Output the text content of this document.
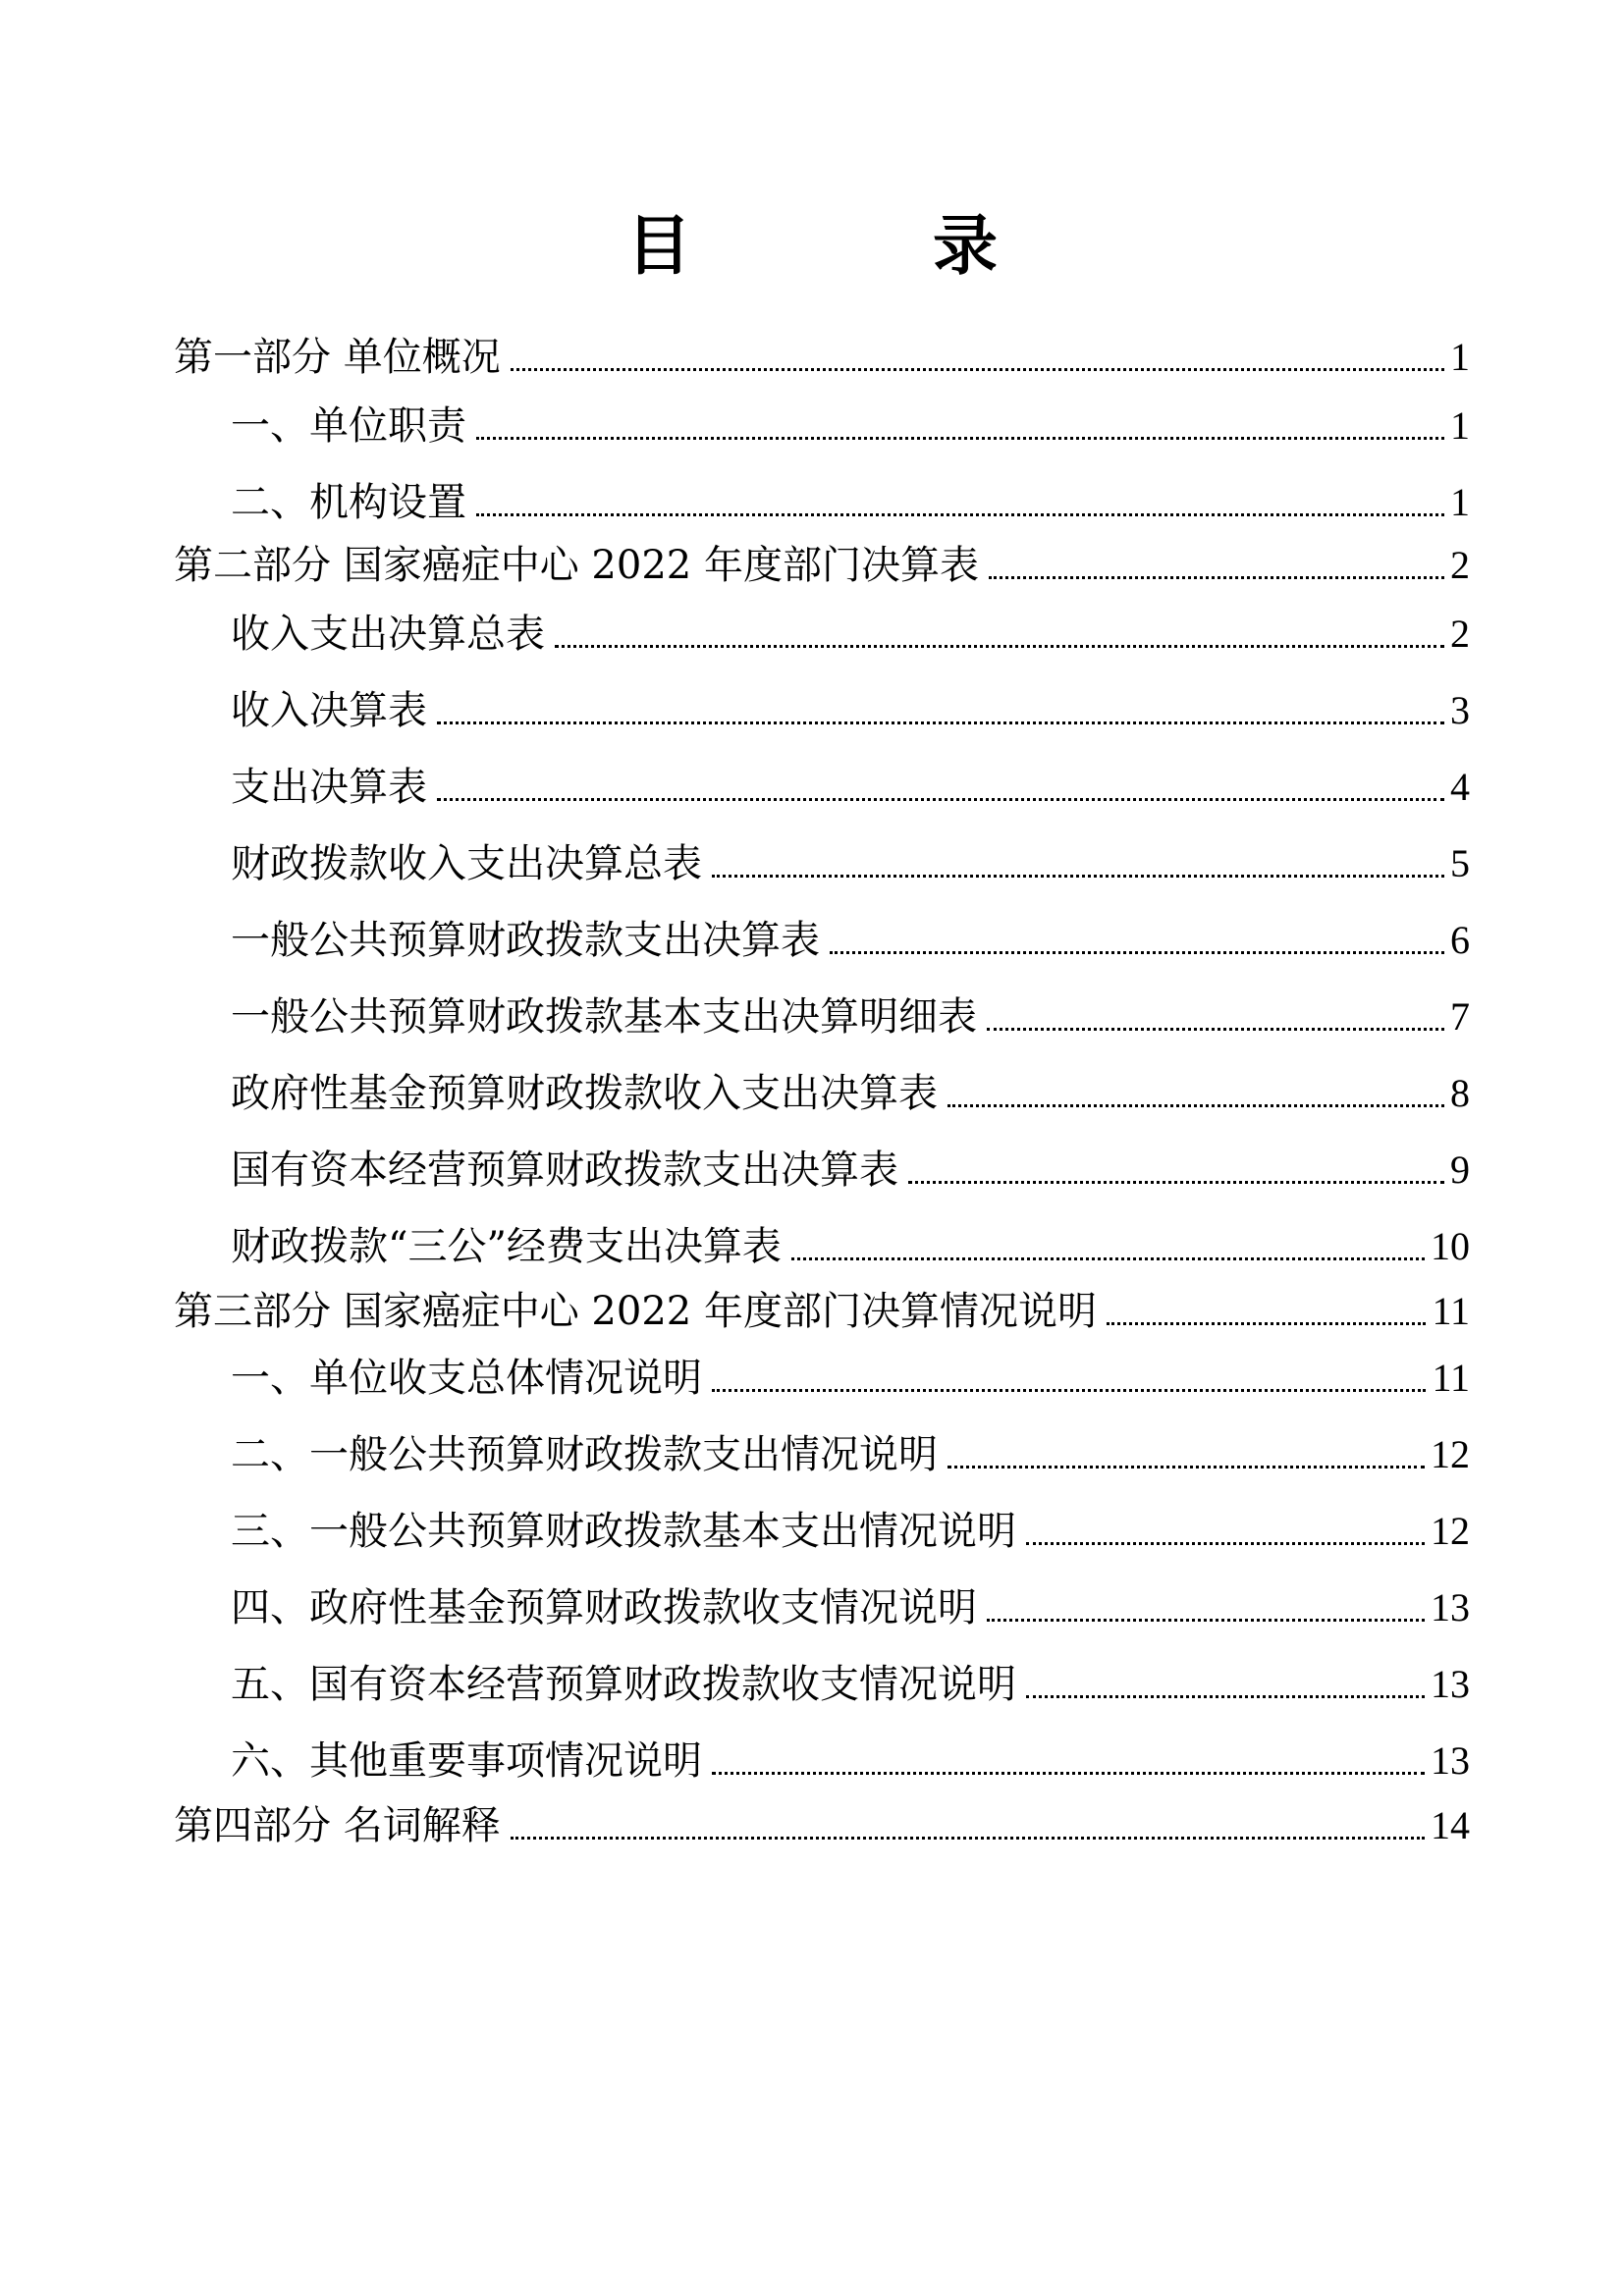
目　录
第一部分 单位概况	1
一、单位职责	1
二、机构设置	1
第二部分 国家癌症中心 2022 年度部门决算表	2
收入支出决算总表	2
收入决算表	3
支出决算表	4
财政拨款收入支出决算总表	5
一般公共预算财政拨款支出决算表	6
一般公共预算财政拨款基本支出决算明细表	7
政府性基金预算财政拨款收入支出决算表	8
国有资本经营预算财政拨款支出决算表	9
财政拨款“三公”经费支出决算表	10
第三部分 国家癌症中心 2022 年度部门决算情况说明	11
一、单位收支总体情况说明	11
二、一般公共预算财政拨款支出情况说明	12
三、一般公共预算财政拨款基本支出情况说明	12
四、政府性基金预算财政拨款收支情况说明	13
五、国有资本经营预算财政拨款收支情况说明	13
六、其他重要事项情况说明	13
第四部分 名词解释	14
